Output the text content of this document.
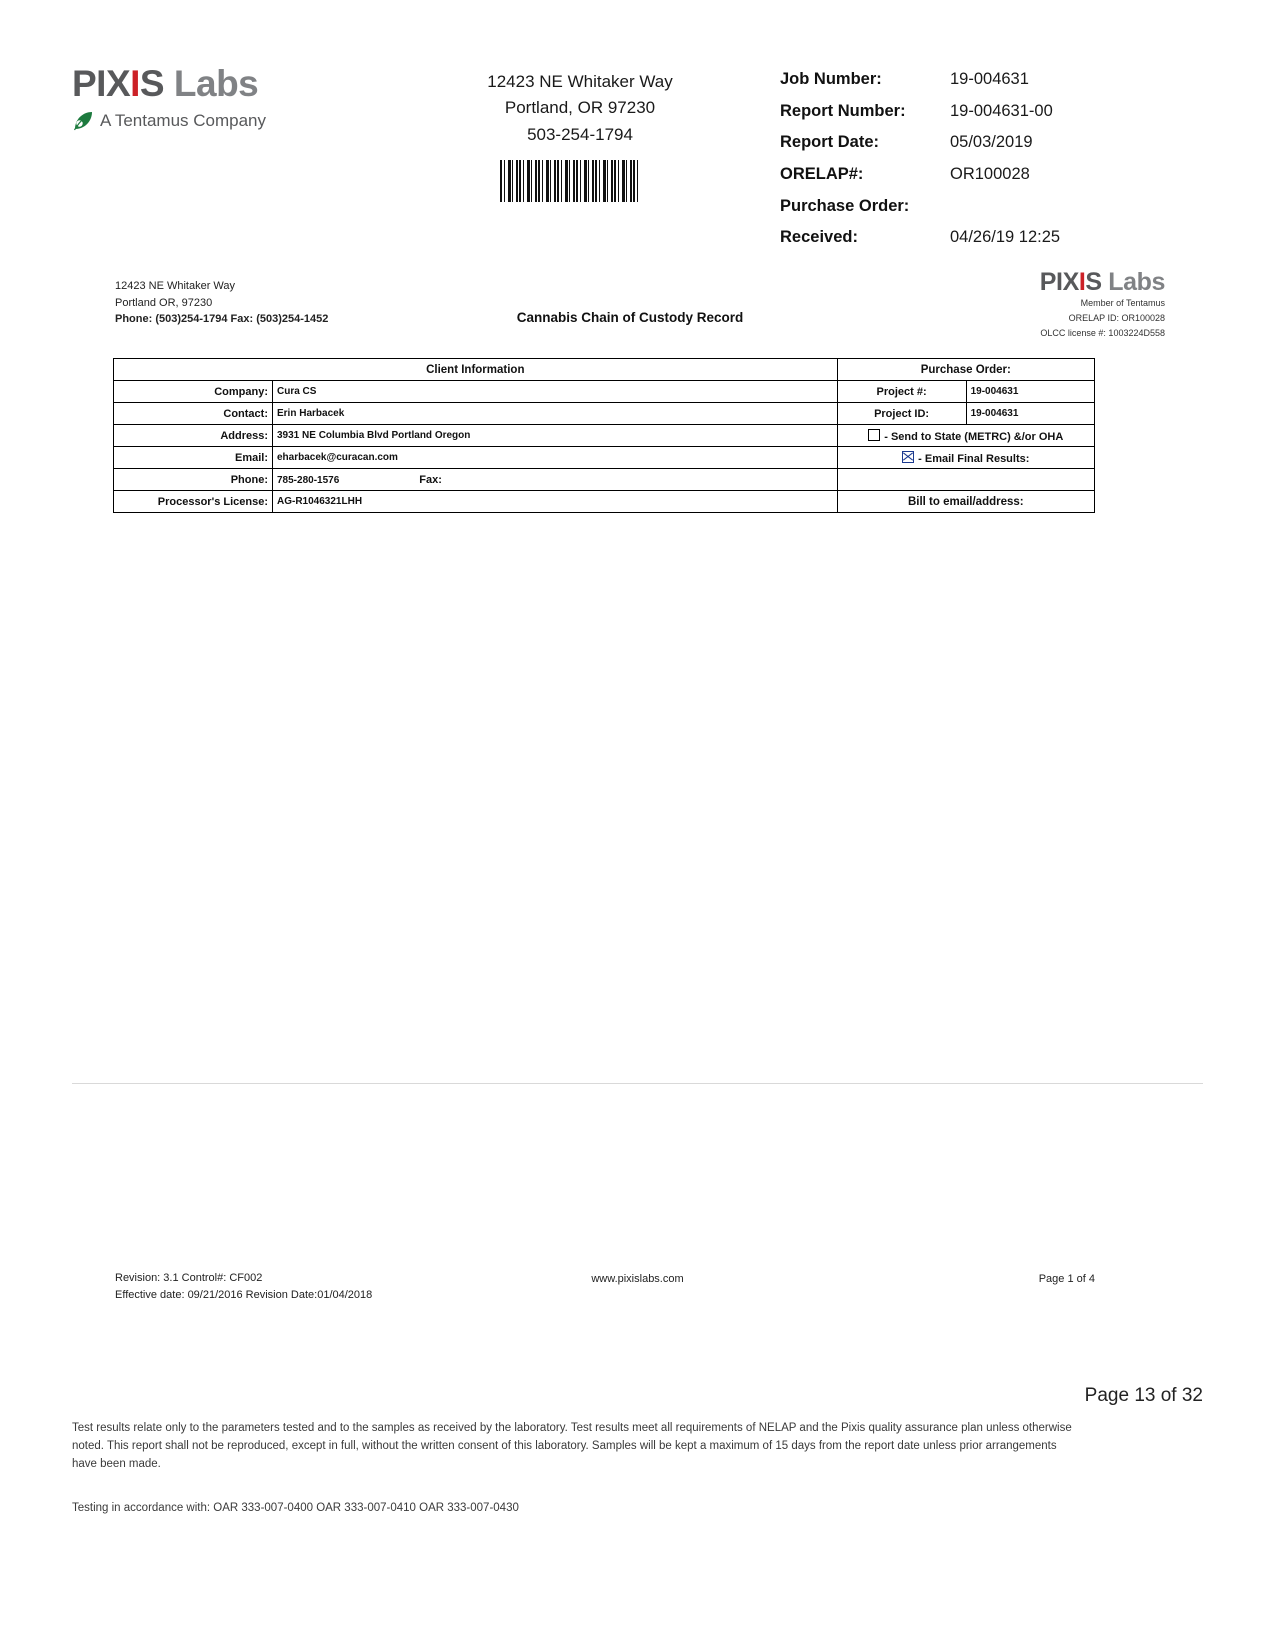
PIXIS Labs
A Tentamus Company
12423 NE Whitaker Way
Portland, OR 97230
503-254-1794
Job Number:	19-004631
Report Number:	19-004631-00
Report Date:	05/03/2019
ORELAP#:	OR100028
Purchase Order:
Received:	04/26/19 12:25
12423 NE Whitaker Way
Portland OR, 97230
Phone: (503)254-1794 Fax: (503)254-1452	Cannabis Chain of Custody Record
PIXIS Labs
Member of Tentamus
ORELAP ID: OR100028
OLCC license #: 1003224D558
Client Information		Purchase Order:	
Company:	Cura CS	Project #:	19-004631
Contact:	Erin Harbacek	Project ID:	19-004631
Address:	3931 NE Columbia Blvd Portland Oregon	- Send to State (METRC) &/or OHA	
Email:	eharbacek@curacan.com	- Email Final Results:	
Phone:	785-280-1576 Fax:		
Processor's License:	AG-R1046321LHH	Bill to email/address:	
Revision: 3.1 Control#: CF002
Effective date: 09/21/2016 Revision Date:01/04/2018
www.pixislabs.com	Page 1 of 4
Page 13 of 32
Test results relate only to the parameters tested and to the samples as received by the laboratory. Test results meet all requirements of NELAP and the Pixis quality assurance plan unless otherwise noted. This report shall not be reproduced, except in full, without the written consent of this laboratory. Samples will be kept a maximum of 15 days from the report date unless prior arrangements have been made.
Testing in accordance with: OAR 333-007-0400 OAR 333-007-0410 OAR 333-007-0430
